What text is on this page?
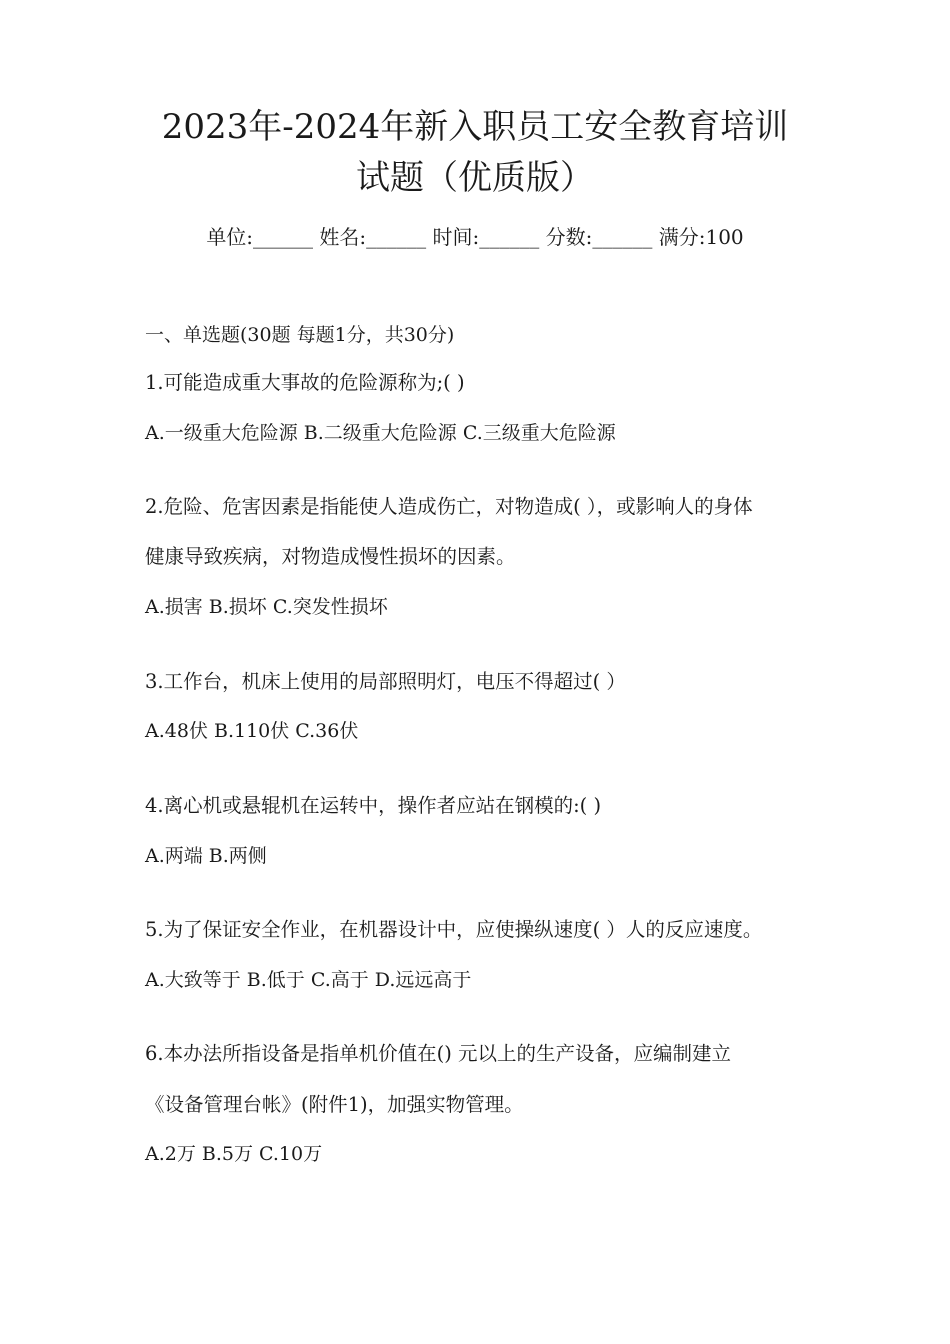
2023年-2024年新入职员工安全教育培训
试题（优质版）
单位:______ 姓名:______ 时间:______ 分数:______ 满分:100
一、单选题(30题 每题1分，共30分)
1.可能造成重大事故的危险源称为;( )
A.一级重大危险源 B.二级重大危险源 C.三级重大危险源
2.危险、危害因素是指能使人造成伤亡，对物造成( ），或影响人的身体
健康导致疾病，对物造成慢性损坏的因素。
A.损害 B.损坏 C.突发性损坏
3.工作台，机床上使用的局部照明灯，电压不得超过( ）
A.48伏 B.110伏 C.36伏
4.离心机或悬辊机在运转中，操作者应站在钢模的:( )
A.两端 B.两侧
5.为了保证安全作业，在机器设计中，应使操纵速度( ）人的反应速度。
A.大致等于 B.低于 C.高于 D.远远高于
6.本办法所指设备是指单机价值在() 元以上的生产设备，应编制建立
《设备管理台帐》(附件1)，加强实物管理。
A.2万 B.5万 C.10万
